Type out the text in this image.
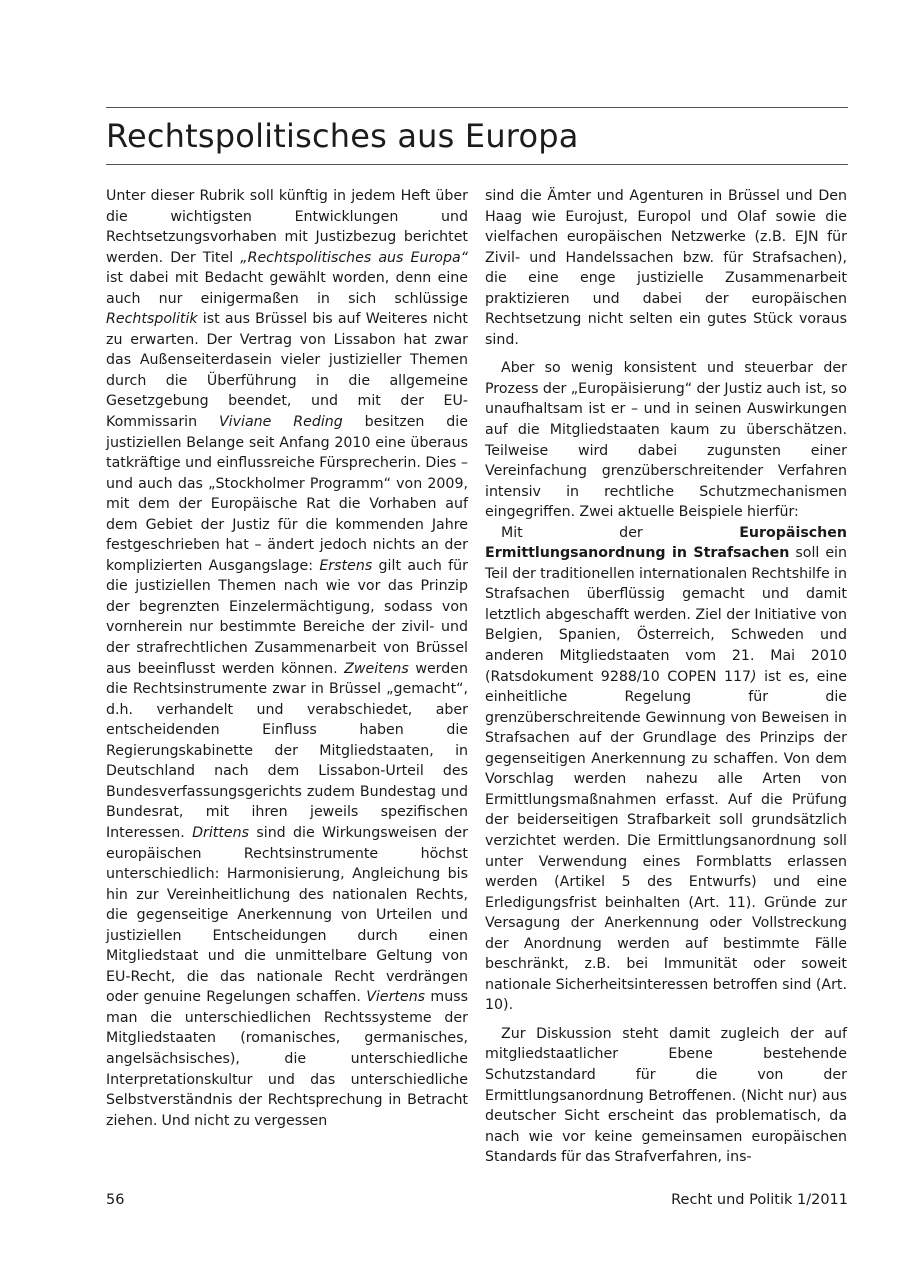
Rechtspolitisches aus Europa

Unter dieser Rubrik soll künftig in jedem Heft über die wichtigsten Entwicklungen und Rechtsetzungsvorhaben mit Justizbezug berichtet werden. Der Titel „Rechtspolitisches aus Europa“ ist dabei mit Bedacht gewählt worden, denn eine auch nur einigermaßen in sich schlüssige Rechtspolitik ist aus Brüssel bis auf Weiteres nicht zu erwarten. Der Vertrag von Lissabon hat zwar das Außenseiterdasein vieler justizieller Themen durch die Überführung in die allgemeine Gesetzgebung beendet, und mit der EU-Kommissarin Viviane Reding besitzen die justiziellen Belange seit Anfang 2010 eine überaus tatkräftige und einflussreiche Fürsprecherin. Dies – und auch das „Stockholmer Programm“ von 2009, mit dem der Europäische Rat die Vorhaben auf dem Gebiet der Justiz für die kommenden Jahre festgeschrieben hat – ändert jedoch nichts an der komplizierten Ausgangslage: Erstens gilt auch für die justiziellen Themen nach wie vor das Prinzip der begrenzten Einzelermächtigung, sodass von vornherein nur bestimmte Bereiche der zivil- und der strafrechtlichen Zusammenarbeit von Brüssel aus beeinflusst werden können. Zweitens werden die Rechtsinstrumente zwar in Brüssel „gemacht“, d.h. verhandelt und verabschiedet, aber entscheidenden Einfluss haben die Regierungskabinette der Mitgliedstaaten, in Deutschland nach dem Lissabon-Urteil des Bundesverfassungsgerichts zudem Bundestag und Bundesrat, mit ihren jeweils spezifischen Interessen. Drittens sind die Wirkungsweisen der europäischen Rechtsinstrumente höchst unterschiedlich: Harmonisierung, Angleichung bis hin zur Vereinheitlichung des nationalen Rechts, die gegenseitige Anerkennung von Urteilen und justiziellen Entscheidungen durch einen Mitgliedstaat und die unmittelbare Geltung von EU-Recht, die das nationale Recht verdrängen oder genuine Regelungen schaffen. Viertens muss man die unterschiedlichen Rechtssysteme der Mitgliedstaaten (romanisches, germanisches, angelsächsisches), die unterschiedliche Interpretationskultur und das unterschiedliche Selbstverständnis der Rechtsprechung in Betracht ziehen. Und nicht zu vergessen

sind die Ämter und Agenturen in Brüssel und Den Haag wie Eurojust, Europol und Olaf sowie die vielfachen europäischen Netzwerke (z.B. EJN für Zivil- und Handelssachen bzw. für Strafsachen), die eine enge justizielle Zusammenarbeit praktizieren und dabei der europäischen Rechtsetzung nicht selten ein gutes Stück voraus sind.

Aber so wenig konsistent und steuerbar der Prozess der „Europäisierung“ der Justiz auch ist, so unaufhaltsam ist er – und in seinen Auswirkungen auf die Mitgliedstaaten kaum zu überschätzen. Teilweise wird dabei zugunsten einer Vereinfachung grenzüberschreitender Verfahren intensiv in rechtliche Schutzmechanismen eingegriffen. Zwei aktuelle Beispiele hierfür:

Mit der Europäischen Ermittlungsanordnung in Strafsachen soll ein Teil der traditionellen internationalen Rechtshilfe in Strafsachen überflüssig gemacht und damit letztlich abgeschafft werden. Ziel der Initiative von Belgien, Spanien, Österreich, Schweden und anderen Mitgliedstaaten vom 21. Mai 2010 (Ratsdokument 9288/10 COPEN 117) ist es, eine einheitliche Regelung für die grenzüberschreitende Gewinnung von Beweisen in Strafsachen auf der Grundlage des Prinzips der gegenseitigen Anerkennung zu schaffen. Von dem Vorschlag werden nahezu alle Arten von Ermittlungsmaßnahmen erfasst. Auf die Prüfung der beiderseitigen Strafbarkeit soll grundsätzlich verzichtet werden. Die Ermittlungsanordnung soll unter Verwendung eines Formblatts erlassen werden (Artikel 5 des Entwurfs) und eine Erledigungsfrist beinhalten (Art. 11). Gründe zur Versagung der Anerkennung oder Vollstreckung der Anordnung werden auf bestimmte Fälle beschränkt, z.B. bei Immunität oder soweit nationale Sicherheitsinteressen betroffen sind (Art. 10).

Zur Diskussion steht damit zugleich der auf mitgliedstaatlicher Ebene bestehende Schutzstandard für die von der Ermittlungsanordnung Betroffenen. (Nicht nur) aus deutscher Sicht erscheint das problematisch, da nach wie vor keine gemeinsamen europäischen Standards für das Strafverfahren, ins-

56	Recht und Politik 1/2011
